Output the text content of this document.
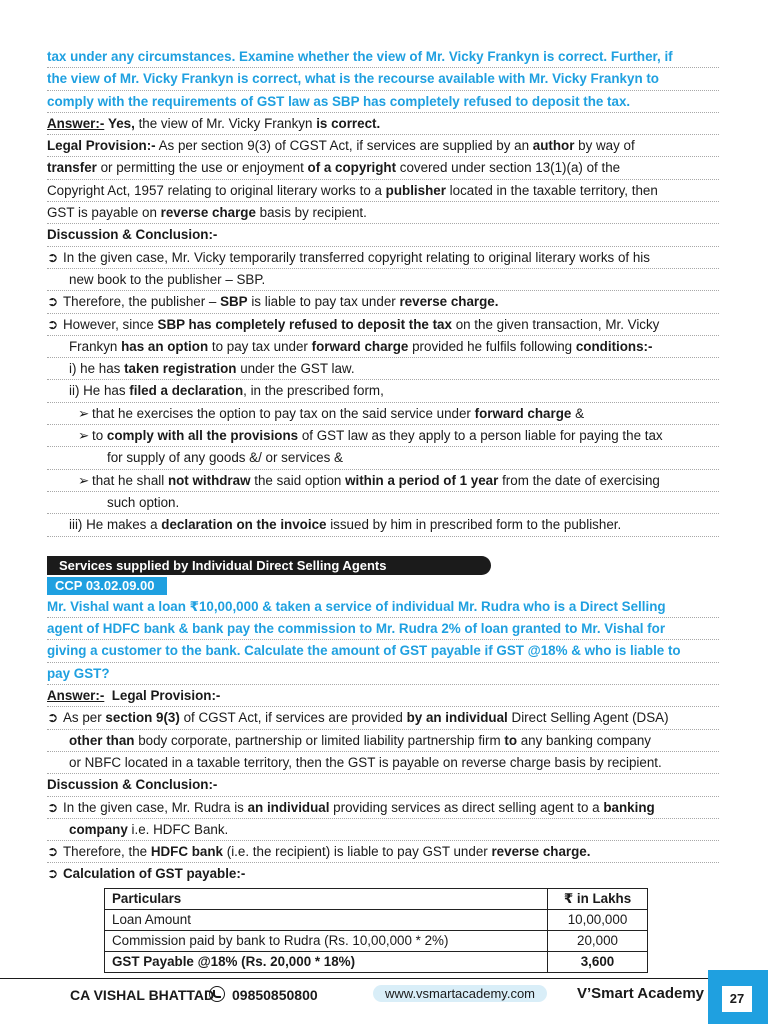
tax under any circumstances. Examine whether the view of Mr. Vicky Frankyn is correct. Further, if
the view of Mr. Vicky Frankyn is correct, what is the recourse available with Mr. Vicky Frankyn to
comply with the requirements of GST law as SBP has completely refused to deposit the tax.
Answer:- Yes, the view of Mr. Vicky Frankyn is correct.
Legal Provision:- As per section 9(3) of CGST Act, if services are supplied by an author by way of
transfer or permitting the use or enjoyment of a copyright covered under section 13(1)(a) of the
Copyright Act, 1957 relating to original literary works to a publisher located in the taxable territory, then
GST is payable on reverse charge basis by recipient.
Discussion & Conclusion:-
➲ In the given case, Mr. Vicky temporarily transferred copyright relating to original literary works of his
new book to the publisher – SBP.
➲ Therefore, the publisher – SBP is liable to pay tax under reverse charge.
➲ However, since SBP has completely refused to deposit the tax on the given transaction, Mr. Vicky
Frankyn has an option to pay tax under forward charge provided he fulfils following conditions:-
i) he has taken registration under the GST law.
ii) He has filed a declaration, in the prescribed form,
➢ that he exercises the option to pay tax on the said service under forward charge &
➢ to comply with all the provisions of GST law as they apply to a person liable for paying the tax
for supply of any goods &/ or services &
➢ that he shall not withdraw the said option within a period of 1 year from the date of exercising
such option.
iii) He makes a declaration on the invoice issued by him in prescribed form to the publisher.
Services supplied by Individual Direct Selling Agents
CCP 03.02.09.00
Mr. Vishal want a loan ₹10,00,000 & taken a service of individual Mr. Rudra who is a Direct Selling
agent of HDFC bank & bank pay the commission to Mr. Rudra 2% of loan granted to Mr. Vishal for
giving a customer to the bank. Calculate the amount of GST payable if GST @18% & who is liable to
pay GST?
Answer:- Legal Provision:-
➲ As per section 9(3) of CGST Act, if services are provided by an individual Direct Selling Agent (DSA)
other than body corporate, partnership or limited liability partnership firm to any banking company
or NBFC located in a taxable territory, then the GST is payable on reverse charge basis by recipient.
Discussion & Conclusion:-
➲ In the given case, Mr. Rudra is an individual providing services as direct selling agent to a banking
company i.e. HDFC Bank.
➲ Therefore, the HDFC bank (i.e. the recipient) is liable to pay GST under reverse charge.
➲ Calculation of GST payable:-
Particulars	₹ in Lakhs
Loan Amount	10,00,000
Commission paid by bank to Rudra (Rs. 10,00,000 * 2%)	20,000
GST Payable @18% (Rs. 20,000 * 18%)	3,600
CA VISHAL BHATTAD 09850850800	www.vsmartacademy.com	V’Smart Academy	27
